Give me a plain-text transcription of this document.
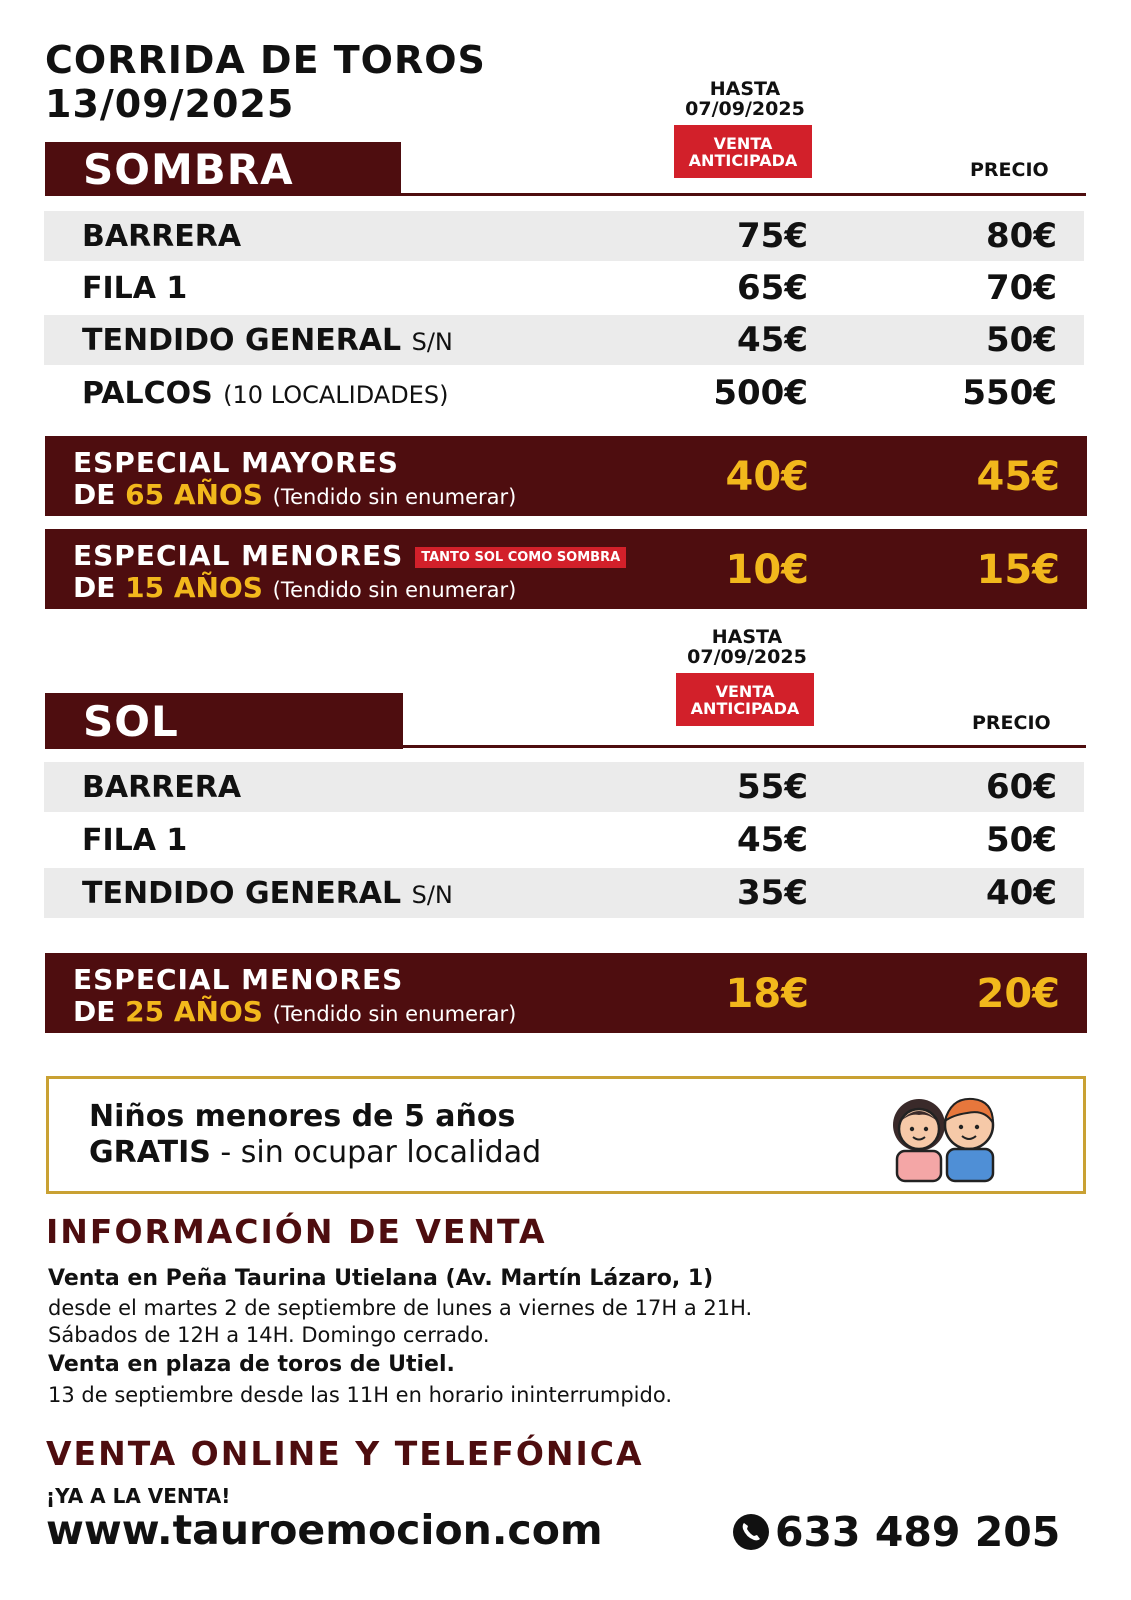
CORRIDA DE TOROS
13/09/2025	HASTA
07/09/2025
VENTA
ANTICIPADA
SOMBRA	PRECIO
BARRERA	75€	80€
FILA 1	65€	70€
TENDIDO GENERAL S/N	45€	50€
PALCOS (10 LOCALIDADES)	500€	550€
ESPECIAL MAYORES
DE 65 AÑOS (Tendido sin enumerar)	40€	45€
ESPECIAL MENORES TANTO SOL COMO SOMBRA
DE 15 AÑOS (Tendido sin enumerar)	10€	15€
HASTA
07/09/2025
VENTA
ANTICIPADA
SOL	PRECIO
BARRERA	55€	60€
FILA 1	45€	50€
TENDIDO GENERAL S/N	35€	40€
ESPECIAL MENORES
DE 25 AÑOS (Tendido sin enumerar)	18€	20€
Niños menores de 5 años
GRATIS - sin ocupar localidad
INFORMACIÓN DE VENTA
Venta en Peña Taurina Utielana (Av. Martín Lázaro, 1)
desde el martes 2 de septiembre de lunes a viernes de 17H a 21H.
Sábados de 12H a 14H. Domingo cerrado.
Venta en plaza de toros de Utiel.
13 de septiembre desde las 11H en horario ininterrumpido.
VENTA ONLINE Y TELEFÓNICA
¡YA A LA VENTA!
www.tauroemocion.com	633 489 205
